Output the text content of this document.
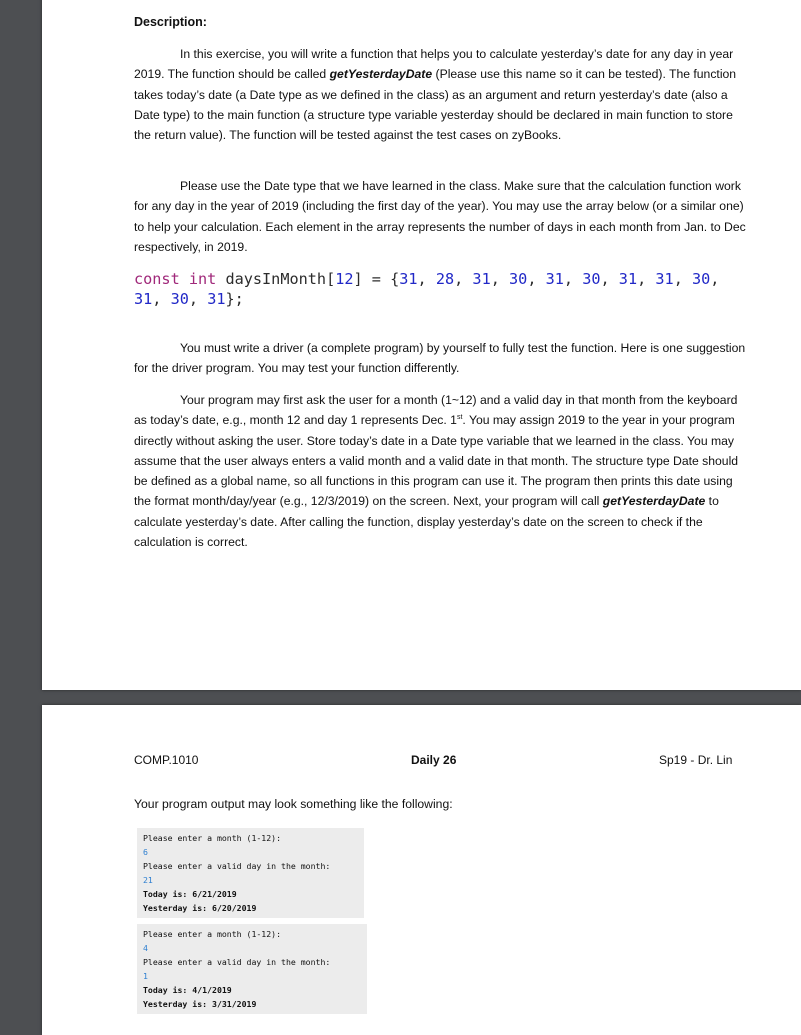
Description:

In this exercise, you will write a function that helps you to calculate yesterday’s date for any day in year 2019. The function should be called getYesterdayDate (Please use this name so it can be tested). The function takes today’s date (a Date type as we defined in the class) as an argument and return yesterday’s date (also a Date type) to the main function (a structure type variable yesterday should be declared in main function to store the return value). The function will be tested against the test cases on zyBooks.

Please use the Date type that we have learned in the class. Make sure that the calculation function work for any day in the year of 2019 (including the first day of the year). You may use the array below (or a similar one) to help your calculation. Each element in the array represents the number of days in each month from Jan. to Dec respectively, in 2019.

const int daysInMonth[12] = {31, 28, 31, 30, 31, 30, 31, 31, 30,
31, 30, 31};

You must write a driver (a complete program) by yourself to fully test the function. Here is one suggestion for the driver program. You may test your function differently.

Your program may first ask the user for a month (1~12) and a valid day in that month from the keyboard as today’s date, e.g., month 12 and day 1 represents Dec. 1st. You may assign 2019 to the year in your program directly without asking the user. Store today’s date in a Date type variable that we learned in the class. You may assume that the user always enters a valid month and a valid date in that month. The structure type Date should be defined as a global name, so all functions in this program can use it. The program then prints this date using the format month/day/year (e.g., 12/3/2019) on the screen. Next, your program will call getYesterdayDate to calculate yesterday’s date. After calling the function, display yesterday’s date on the screen to check if the calculation is correct.

COMP.1010	Daily 26	Sp19 - Dr. Lin

Your program output may look something like the following:

Please enter a month (1-12):
6
Please enter a valid day in the month:
21
Today is: 6/21/2019
Yesterday is: 6/20/2019
Please enter a month (1-12):
4
Please enter a valid day in the month:
1
Today is: 4/1/2019
Yesterday is: 3/31/2019
